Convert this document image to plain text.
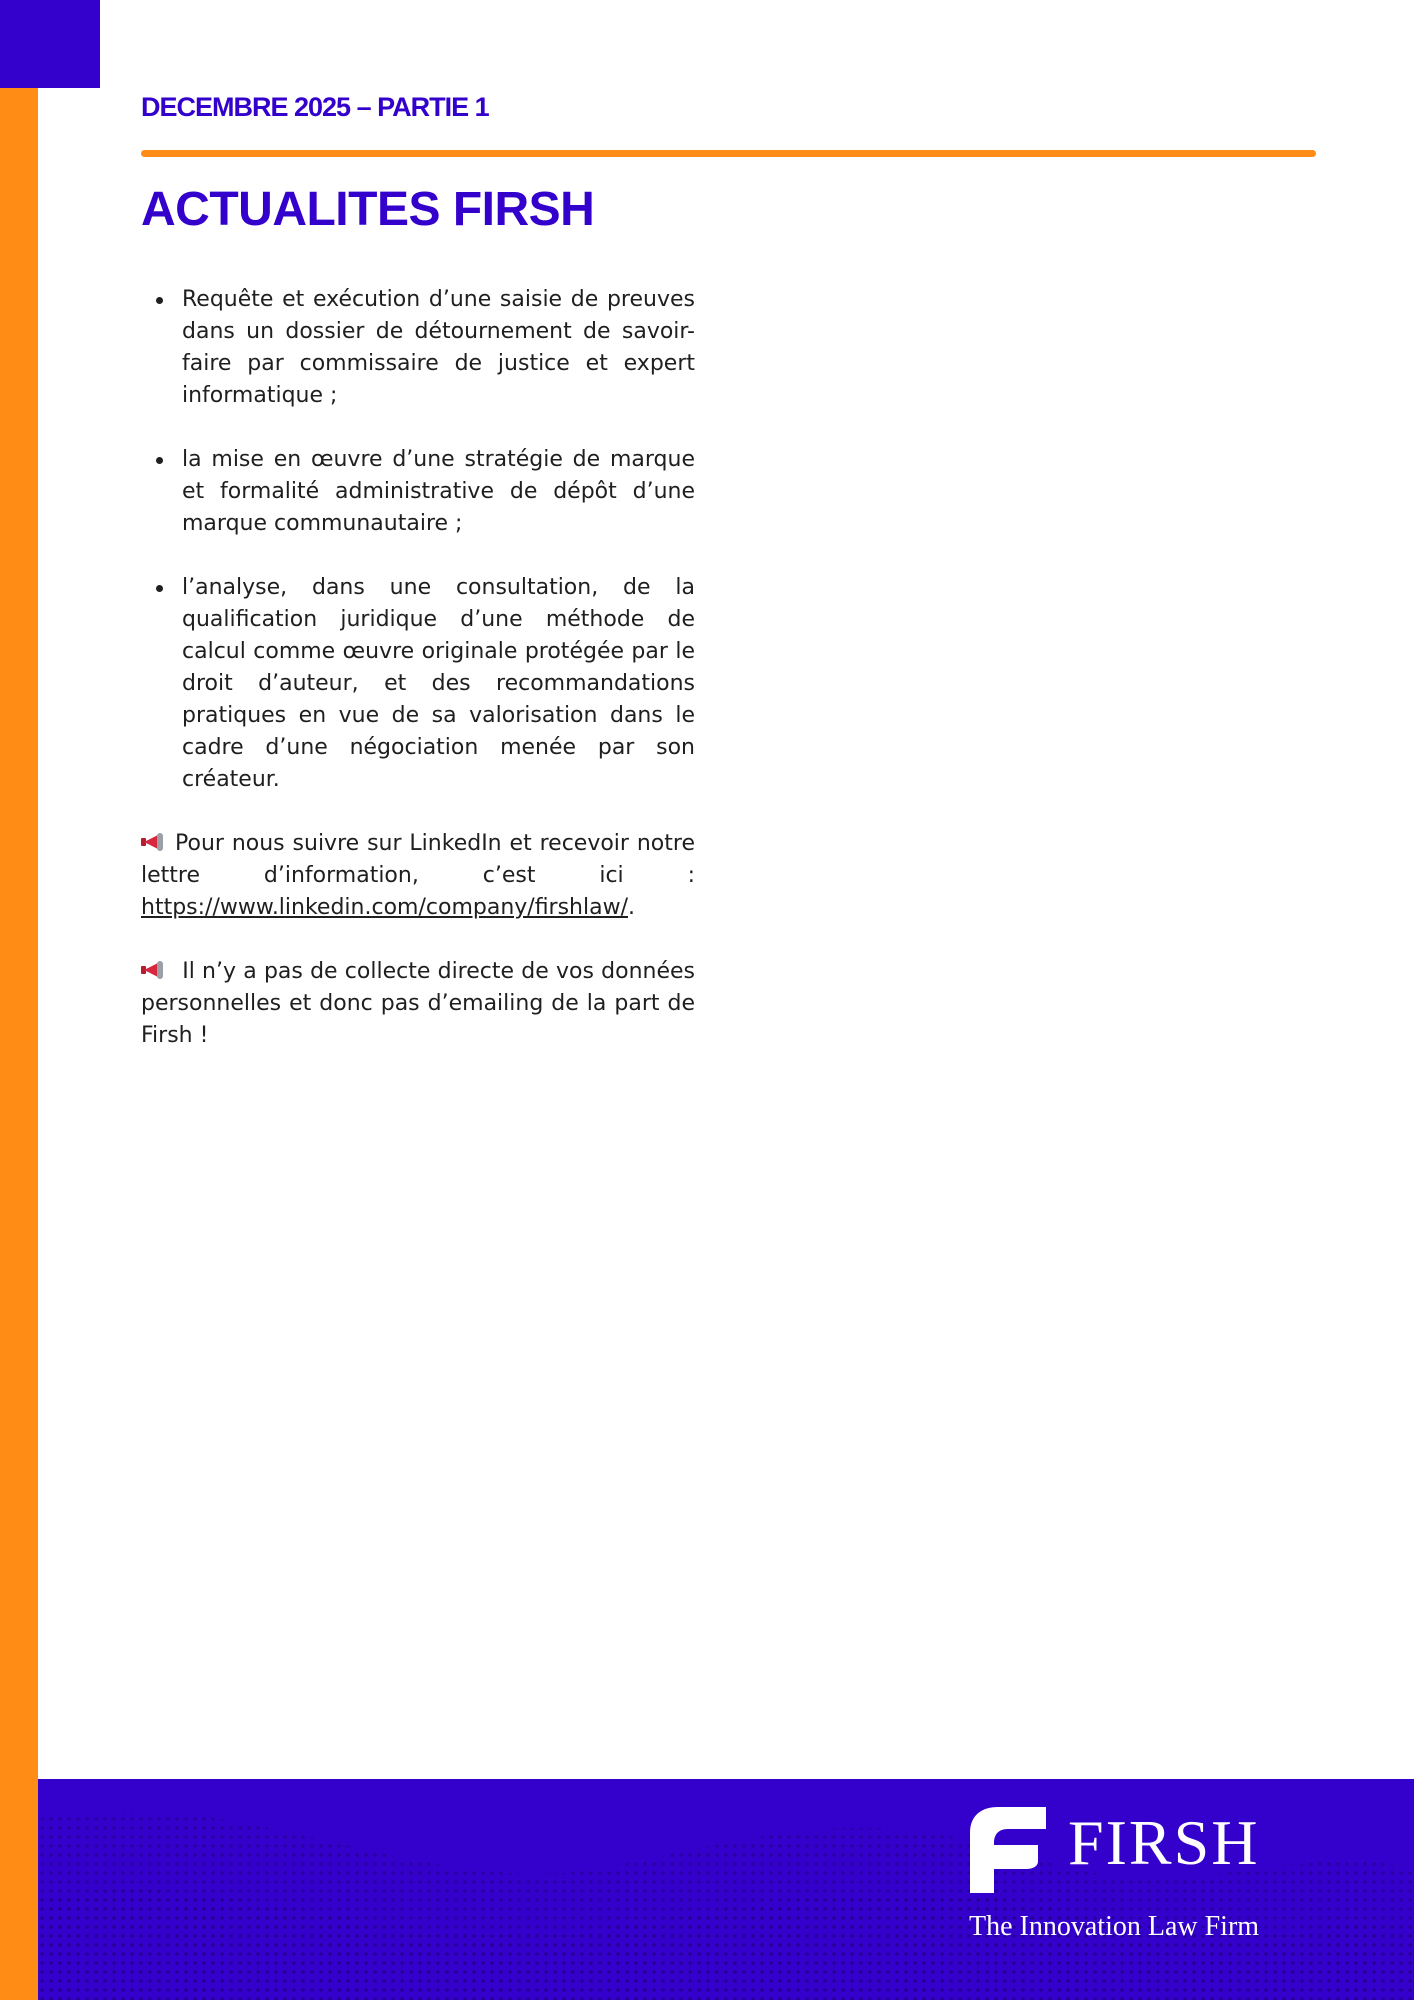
DECEMBRE 2025 – PARTIE 1
ACTUALITES FIRSH
Requête et exécution d’une saisie de preuves dans un dossier de détournement de savoir-faire par commissaire de justice et expert informatique ;
la mise en œuvre d’une stratégie de marque et formalité administrative de dépôt d’une marque communautaire ;
l’analyse, dans une consultation, de la qualification juridique d’une méthode de calcul comme œuvre originale protégée par le droit d’auteur, et des recommandations pratiques en vue de sa valorisation dans le cadre d’une négociation menée par son créateur.

Pour nous suivre sur LinkedIn et recevoir notre lettre d’information, c’est ici : https://www.linkedin.com/company/firshlaw/.

Il n’y a pas de collecte directe de vos données personnelles et donc pas d’emailing de la part de Firsh !

FIRSH
The Innovation Law Firm
